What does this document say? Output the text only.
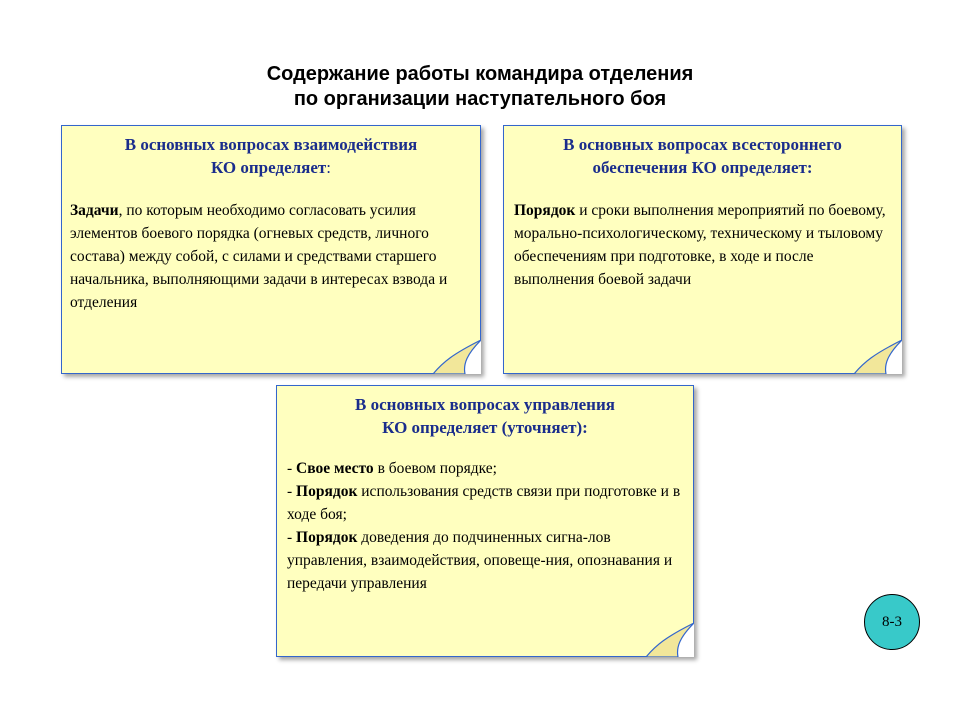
Содержание работы командира отделения
по организации наступательного боя
В основных вопросах взаимодействия
КО определяет:
Задачи, по которым необходимо согласовать усилия элементов боевого порядка (огневых средств, личного состава) между собой, с силами и средствами старшего начальника, выполняющими задачи в интересах взвода и отделения
В основных вопросах всестороннего
обеспечения КО определяет:
Порядок и сроки выполнения мероприятий по боевому, морально-психологическому, техническому и тыловому обеспечениям при подготовке, в ходе и после выполнения боевой задачи
В основных вопросах управления
КО определяет (уточняет):
- Свое место в боевом порядке;
- Порядок использования средств связи при подготовке и в ходе боя;
- Порядок доведения до подчиненных сигна-лов управления, взаимодействия, оповеще-ния, опознавания и передачи управления
8-3
